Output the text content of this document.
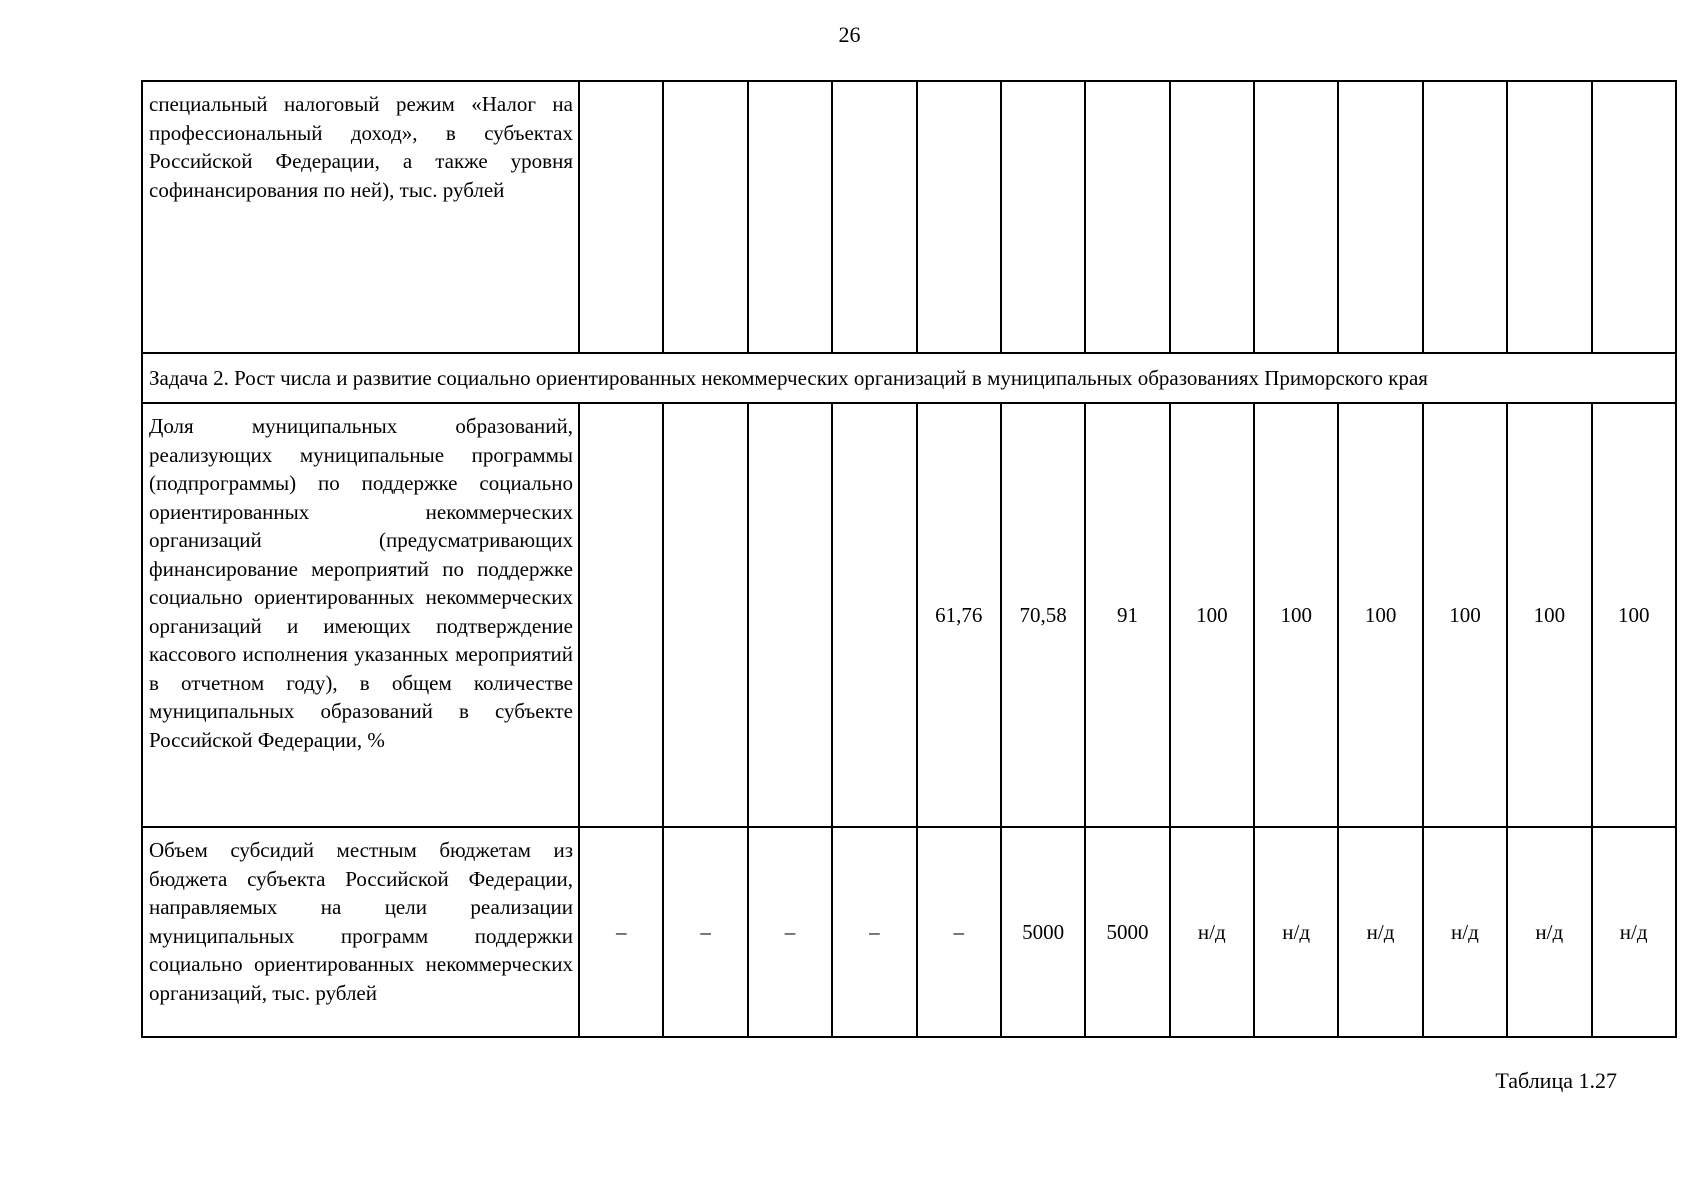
26
специальный налоговый режим «Налог на профессиональный доход», в субъектах Российской Федерации, а также уровня софинансирования по ней), тыс. рублей													
Задача 2. Рост числа и развитие социально ориентированных некоммерческих организаций в муниципальных образованиях Приморского края													
Доля муниципальных образований, реализующих муниципальные программы (подпрограммы) по поддержке социально ориентированных некоммерческих организаций (предусматривающих финансирование мероприятий по поддержке социально ориентированных некоммерческих организаций и имеющих подтверждение кассового исполнения указанных мероприятий в отчетном году), в общем количестве муниципальных образований в субъекте Российской Федерации, %					61,76	70,58	91	100	100	100	100	100	100
Объем субсидий местным бюджетам из бюджета субъекта Российской Федерации, направляемых на цели реализации муниципальных программ поддержки социально ориентированных некоммерческих организаций, тыс. рублей	–	–	–	–	–	5000	5000	н/д	н/д	н/д	н/д	н/д	н/д
Таблица 1.27
